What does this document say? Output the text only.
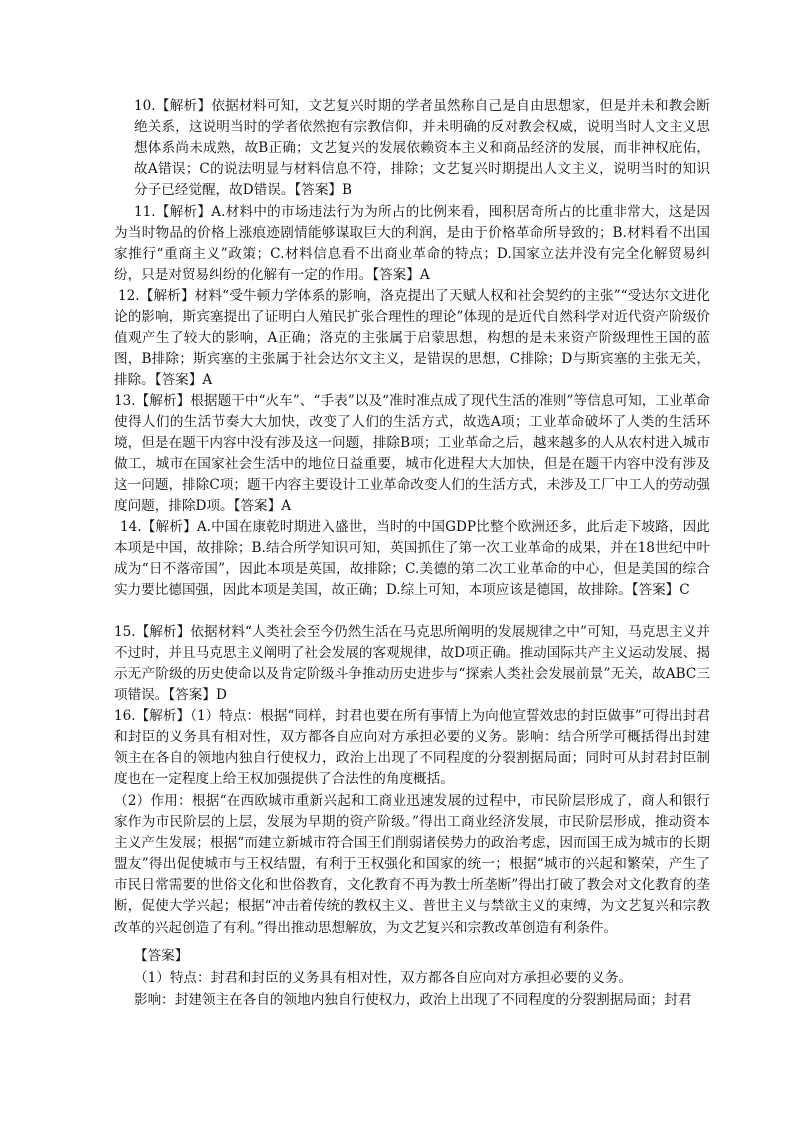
10.【解析】依据材料可知，文艺复兴时期的学者虽然称自己是自由思想家，但是并未和教会断绝关系，这说明当时的学者依然抱有宗教信仰，并未明确的反对教会权威，说明当时人文主义思想体系尚未成熟，故B正确；文艺复兴的发展依赖资本主义和商品经济的发展，而非神权庇佑，故A错误；C的说法明显与材料信息不符，排除；文艺复兴时期提出人文主义，说明当时的知识分子已经觉醒，故D错误。【答案】B

11.【解析】A.材料中的市场违法行为为所占的比例来看，囤积居奇所占的比重非常大，这是因为当时物品的价格上涨痕迹剧情能够谋取巨大的利润，是由于价格革命所导致的；B.材料看不出国家推行“重商主义”政策；C.材料信息看不出商业革命的特点；D.国家立法并没有完全化解贸易纠纷，只是对贸易纠纷的化解有一定的作用。【答案】A

12.【解析】材料“受牛顿力学体系的影响，洛克提出了天赋人权和社会契约的主张”“受达尔文进化论的影响，斯宾塞提出了证明白人殖民扩张合理性的理论”体现的是近代自然科学对近代资产阶级价值观产生了较大的影响，A正确；洛克的主张属于启蒙思想，构想的是未来资产阶级理性王国的蓝图，B排除；斯宾塞的主张属于社会达尔文主义，是错误的思想，C排除；D与斯宾塞的主张无关，排除。【答案】A

13.【解析】根据题干中“火车”、“手表”以及“准时准点成了现代生活的准则”等信息可知，工业革命使得人们的生活节奏大大加快，改变了人们的生活方式，故选A项；工业革命破坏了人类的生活环境，但是在题干内容中没有涉及这一问题，排除B项；工业革命之后，越来越多的人从农村进入城市做工，城市在国家社会生活中的地位日益重要，城市化进程大大加快，但是在题干内容中没有涉及这一问题，排除C项；题干内容主要设计工业革命改变人们的生活方式，未涉及工厂中工人的劳动强度问题，排除D项。【答案】A

14.【解析】A.中国在康乾时期进入盛世，当时的中国GDP比整个欧洲还多，此后走下坡路，因此本项是中国，故排除；B.结合所学知识可知，英国抓住了第一次工业革命的成果，并在18世纪中叶成为“日不落帝国”，因此本项是英国，故排除；C.美德的第二次工业革命的中心，但是美国的综合实力要比德国强，因此本项是美国，故正确；D.综上可知，本项应该是德国，故排除。【答案】C

15.【解析】依据材料“人类社会至今仍然生活在马克思所阐明的发展规律之中”可知，马克思主义并不过时，并且马克思主义阐明了社会发展的客观规律，故D项正确。推动国际共产主义运动发展、揭示无产阶级的历史使命以及肯定阶级斗争推动历史进步与“探索人类社会发展前景”无关，故ABC三项错误。【答案】D

16.【解析】（1）特点：根据“同样，封君也要在所有事情上为向他宣誓效忠的封臣做事”可得出封君和封臣的义务具有相对性，双方都各自应向对方承担必要的义务。影响：结合所学可概括得出封建领主在各自的领地内独自行使权力，政治上出现了不同程度的分裂割据局面；同时可从封君封臣制度也在一定程度上给王权加强提供了合法性的角度概括。

（2）作用：根据“在西欧城市重新兴起和工商业迅速发展的过程中，市民阶层形成了，商人和银行家作为市民阶层的上层，发展为早期的资产阶级。”得出工商业经济发展，市民阶层形成，推动资本主义产生发展；根据“而建立新城市符合国王们削弱诸侯势力的政治考虑，因而国王成为城市的长期盟友”得出促使城市与王权结盟，有利于王权强化和国家的统一；根据“城市的兴起和繁荣，产生了市民日常需要的世俗文化和世俗教育，文化教育不再为教士所垄断”得出打破了教会对文化教育的垄断，促使大学兴起；根据“冲击着传统的教权主义、普世主义与禁欲主义的束缚，为文艺复兴和宗教改革的兴起创造了有利。”得出推动思想解放，为文艺复兴和宗教改革创造有利条件。

【答案】

（1）特点：封君和封臣的义务具有相对性，双方都各自应向对方承担必要的义务。

影响：封建领主在各自的领地内独自行使权力，政治上出现了不同程度的分裂割据局面；封君
